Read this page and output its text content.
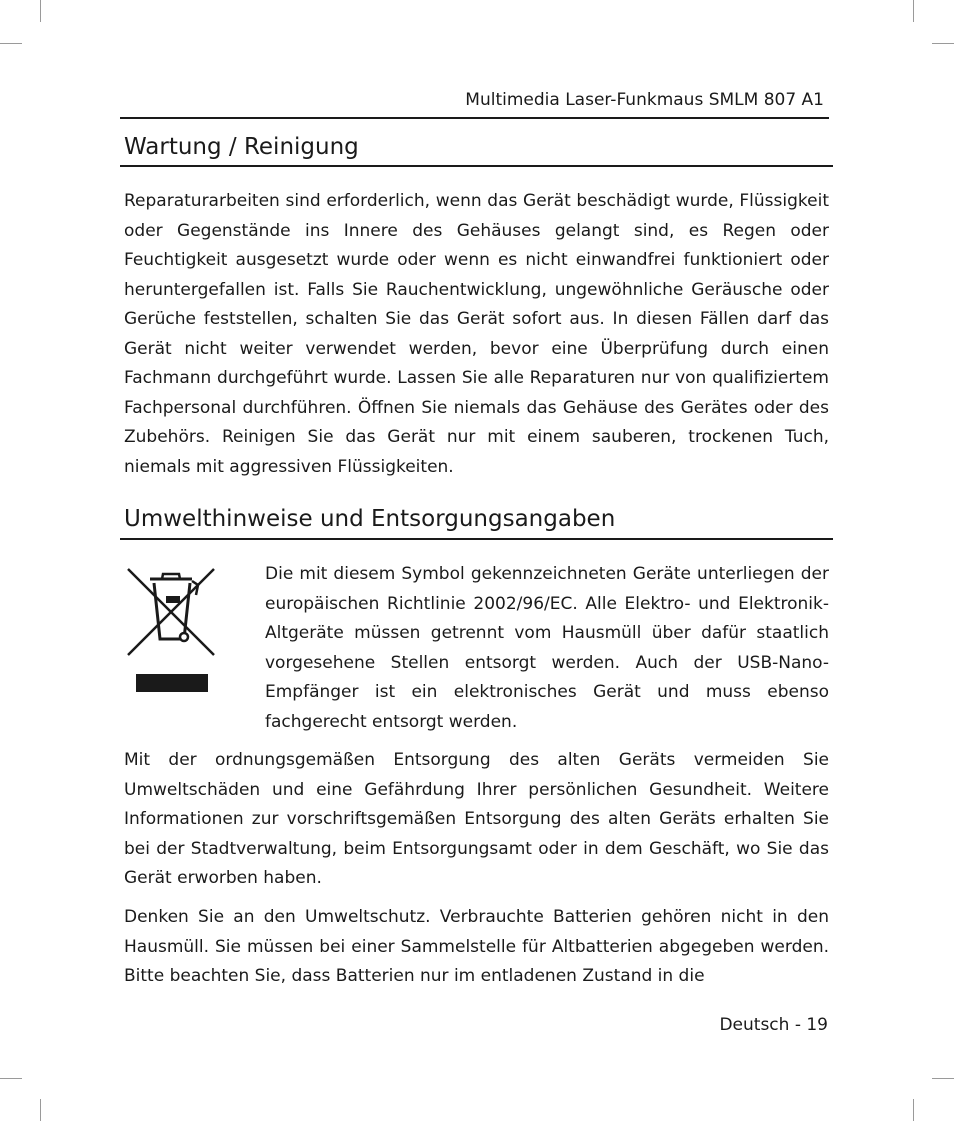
Multimedia Laser-Funkmaus SMLM 807 A1
Wartung / Reinigung

Reparaturarbeiten sind erforderlich, wenn das Gerät beschädigt wurde, Flüssigkeit oder Gegenstände ins Innere des Gehäuses gelangt sind, es Regen oder Feuchtigkeit ausgesetzt wurde oder wenn es nicht einwandfrei funktioniert oder heruntergefallen ist. Falls Sie Rauchentwicklung, ungewöhnliche Geräusche oder Gerüche feststellen, schalten Sie das Gerät sofort aus. In diesen Fällen darf das Gerät nicht weiter verwendet werden, bevor eine Überprüfung durch einen Fachmann durchgeführt wurde. Lassen Sie alle Reparaturen nur von qualifiziertem Fachpersonal durchführen. Öffnen Sie niemals das Gehäuse des Gerätes oder des Zubehörs. Reinigen Sie das Gerät nur mit einem sauberen, trockenen Tuch, niemals mit aggressiven Flüssigkeiten.

Umwelthinweise und Entsorgungsangaben

Die mit diesem Symbol gekennzeichneten Geräte unterliegen der europäischen Richtlinie 2002/96/EC. Alle Elektro- und Elektronik-Altgeräte müssen getrennt vom Hausmüll über dafür staatlich vorgesehene Stellen entsorgt werden. Auch der USB-Nano-Empfänger ist ein elektronisches Gerät und muss ebenso fachgerecht entsorgt werden.

Mit der ordnungsgemäßen Entsorgung des alten Geräts vermeiden Sie Umweltschäden und eine Gefährdung Ihrer persönlichen Gesundheit. Weitere Informationen zur vorschriftsgemäßen Entsorgung des alten Geräts erhalten Sie bei der Stadtverwaltung, beim Entsorgungsamt oder in dem Geschäft, wo Sie das Gerät erworben haben.

Denken Sie an den Umweltschutz. Verbrauchte Batterien gehören nicht in den Hausmüll. Sie müssen bei einer Sammelstelle für Altbatterien abgegeben werden. Bitte beachten Sie, dass Batterien nur im entladenen Zustand in die

Deutsch - 19
